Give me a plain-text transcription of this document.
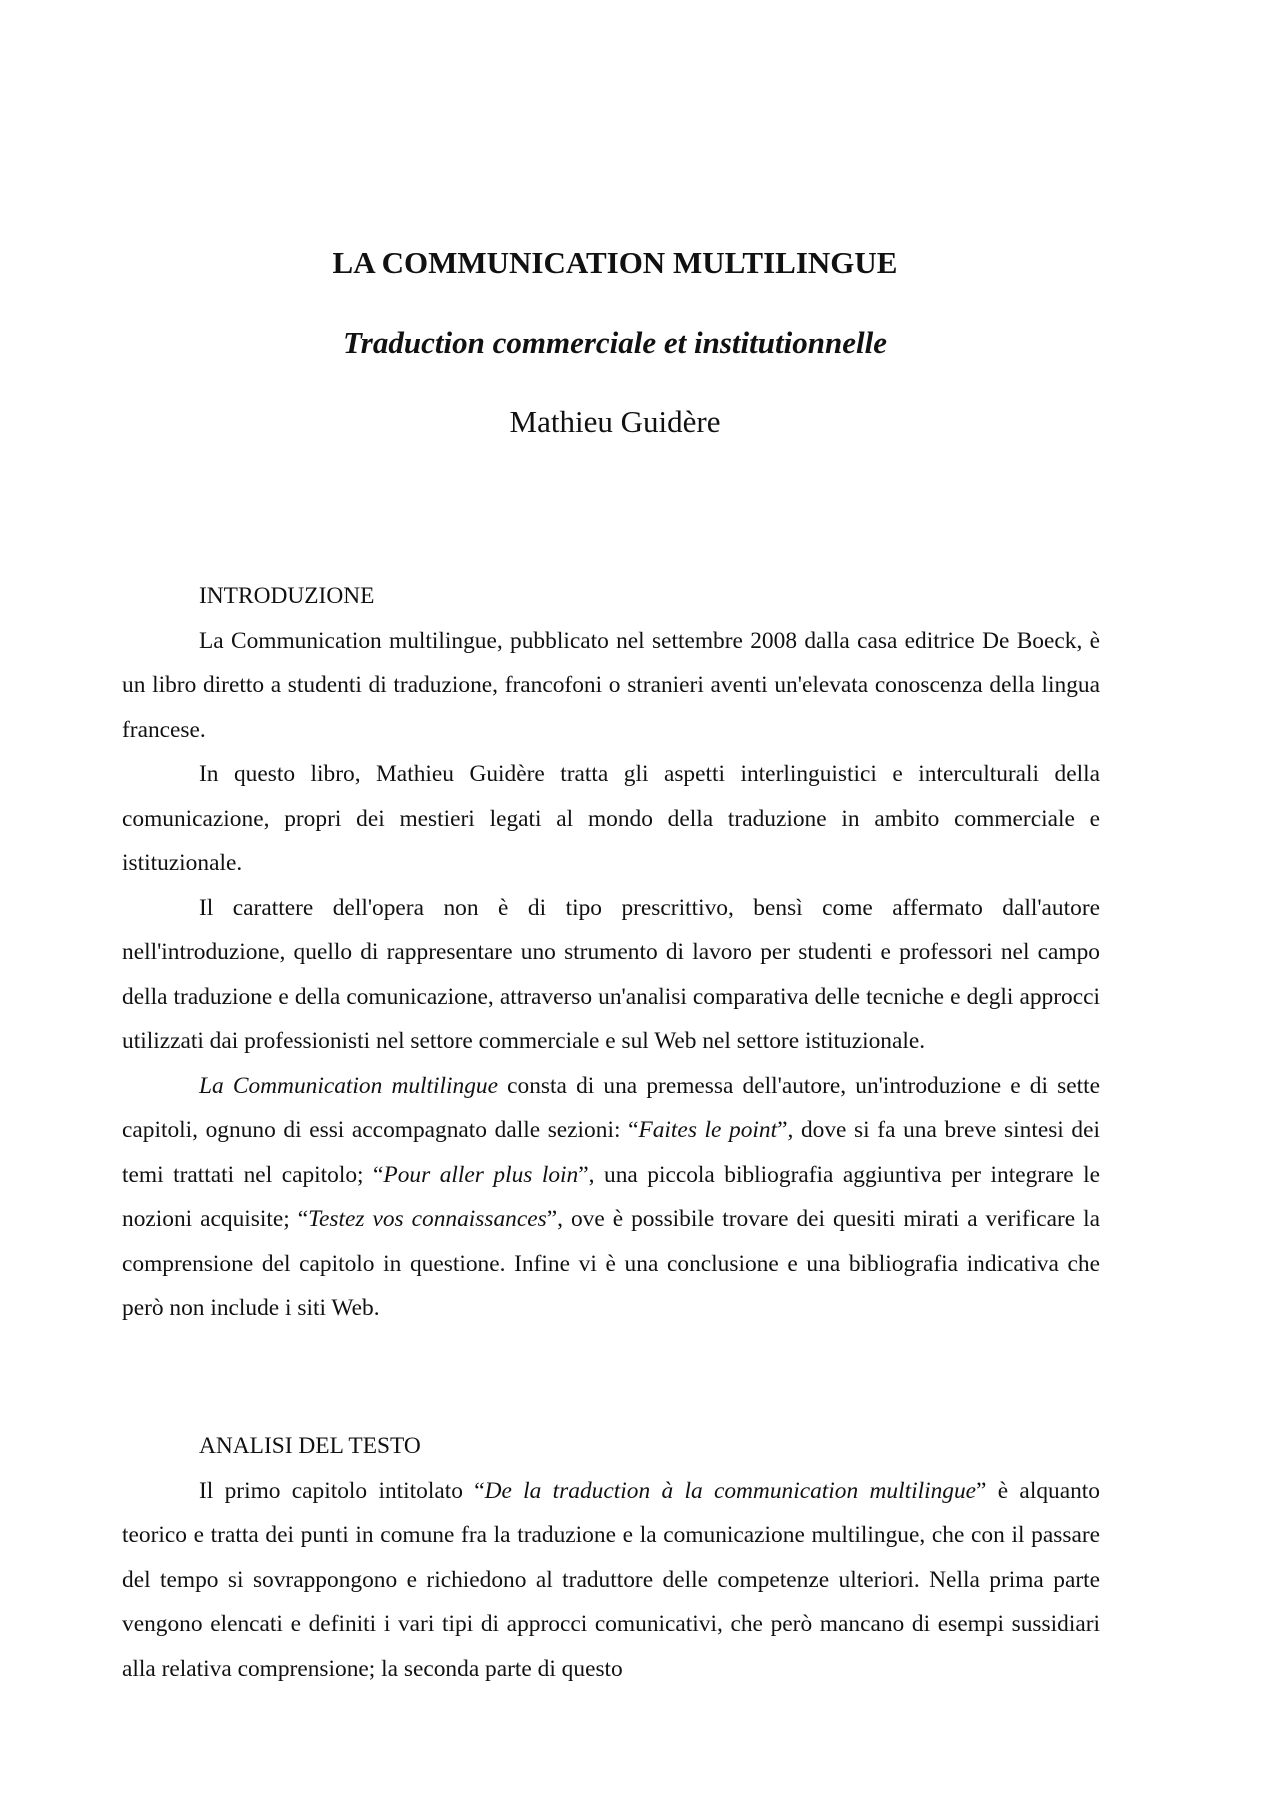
LA COMMUNICATION MULTILINGUE
Traduction commerciale et institutionnelle
Mathieu Guidère
INTRODUZIONE

La Communication multilingue, pubblicato nel settembre 2008 dalla casa editrice De Boeck, è un libro diretto a studenti di traduzione, francofoni o stranieri aventi un'elevata conoscenza della lingua francese.

In questo libro, Mathieu Guidère tratta gli aspetti interlinguistici e interculturali della comunicazione, propri dei mestieri legati al mondo della traduzione in ambito commerciale e istituzionale.

Il carattere dell'opera non è di tipo prescrittivo, bensì come affermato dall'autore nell'introduzione, quello di rappresentare uno strumento di lavoro per studenti e professori nel campo della traduzione e della comunicazione, attraverso un'analisi comparativa delle tecniche e degli approcci utilizzati dai professionisti nel settore commerciale e sul Web nel settore istituzionale.

La Communication multilingue consta di una premessa dell'autore, un'introduzione e di sette capitoli, ognuno di essi accompagnato dalle sezioni: “Faites le point”, dove si fa una breve sintesi dei temi trattati nel capitolo; “Pour aller plus loin”, una piccola bibliografia aggiuntiva per integrare le nozioni acquisite; “Testez vos connaissances”, ove è possibile trovare dei quesiti mirati a verificare la comprensione del capitolo in questione. Infine vi è una conclusione e una bibliografia indicativa che però non include i siti Web.

ANALISI DEL TESTO

Il primo capitolo intitolato “De la traduction à la communication multilingue” è alquanto teorico e tratta dei punti in comune fra la traduzione e la comunicazione multilingue, che con il passare del tempo si sovrappongono e richiedono al traduttore delle competenze ulteriori. Nella prima parte vengono elencati e definiti i vari tipi di approcci comunicativi, che però mancano di esempi sussidiari alla relativa comprensione; la seconda parte di questo
